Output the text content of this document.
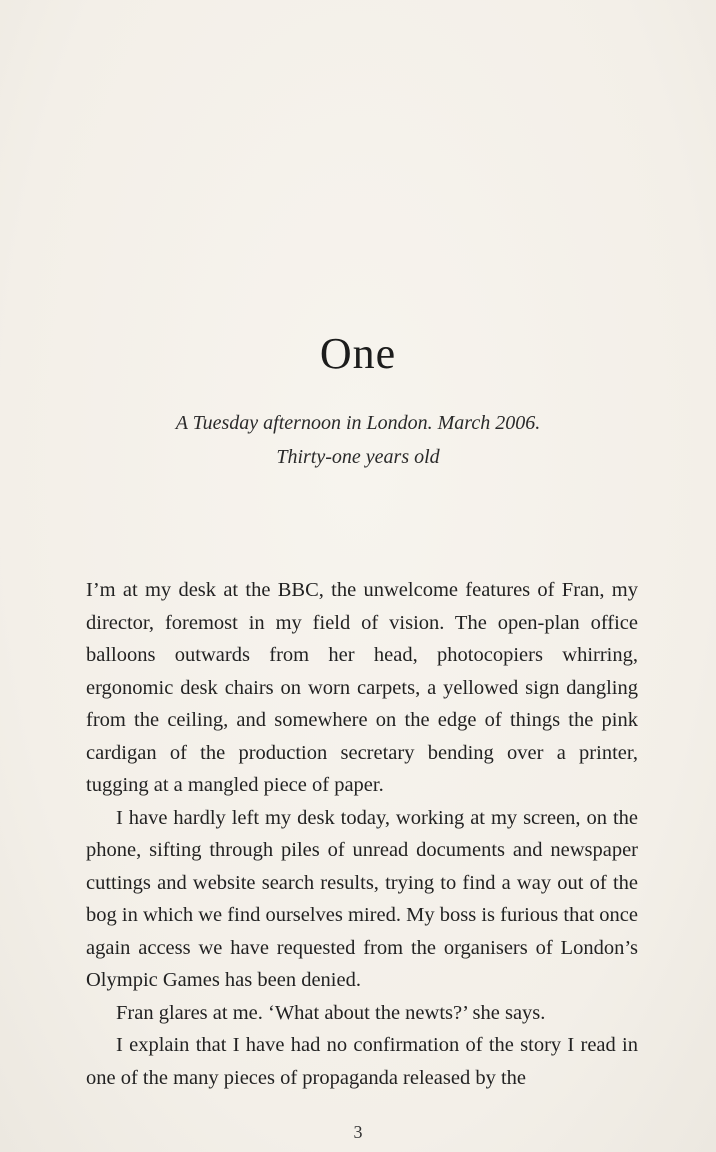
One
A Tuesday afternoon in London. March 2006.
Thirty-one years old

I’m at my desk at the BBC, the unwelcome features of Fran, my director, foremost in my field of vision. The open-plan office balloons outwards from her head, photocopiers whirring, ergonomic desk chairs on worn carpets, a yellowed sign dangling from the ceiling, and somewhere on the edge of things the pink cardigan of the production secretary bending over a printer, tugging at a mangled piece of paper.

I have hardly left my desk today, working at my screen, on the phone, sifting through piles of unread documents and newspaper cuttings and website search results, trying to find a way out of the bog in which we find ourselves mired. My boss is furious that once again access we have requested from the organisers of London’s Olympic Games has been denied.

Fran glares at me. ‘What about the newts?’ she says.

I explain that I have had no confirmation of the story I read in one of the many pieces of propaganda released by the

3
